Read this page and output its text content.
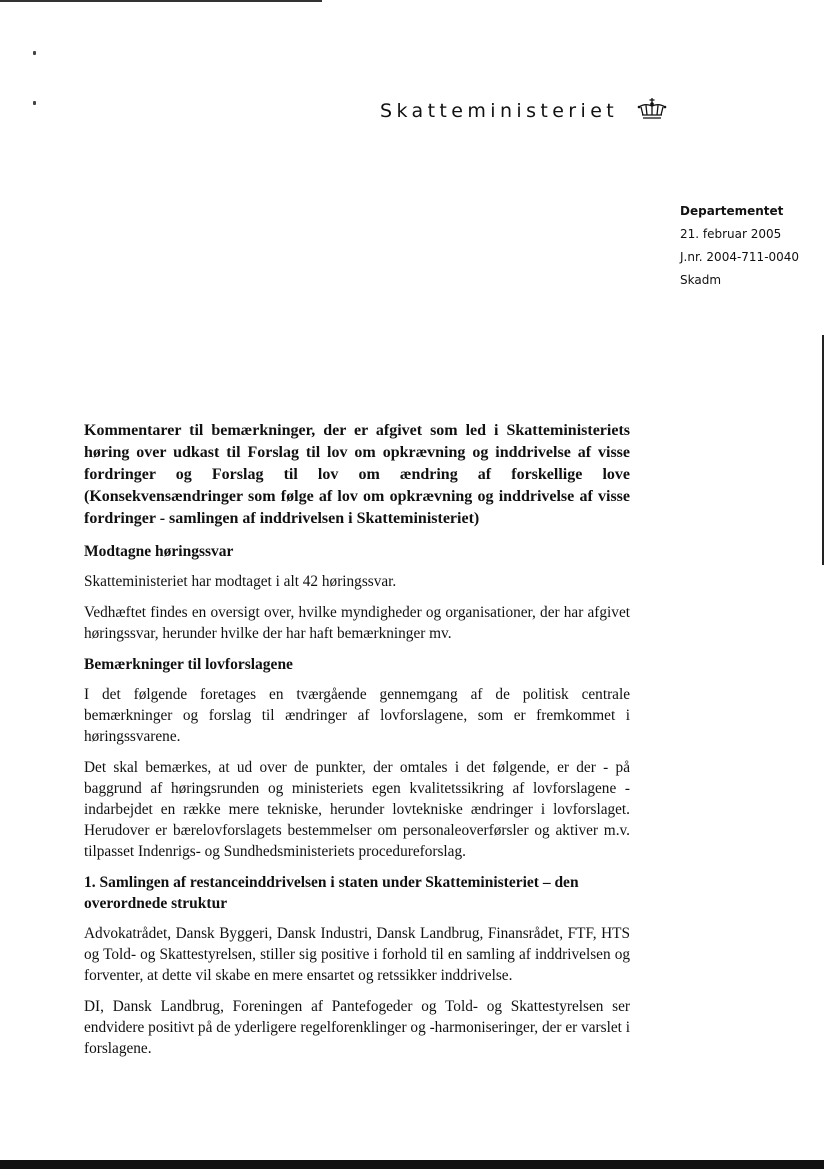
Skatteministeriet
Departementet
21. februar 2005
J.nr. 2004-711-0040
Skadm
Kommentarer til bemærkninger, der er afgivet som led i Skatteministeriets høring over udkast til Forslag til lov om opkrævning og inddrivelse af visse fordringer og Forslag til lov om ændring af forskellige love (Konsekvensændringer som følge af lov om opkrævning og inddrivelse af visse fordringer - samlingen af inddrivelsen i Skatteministeriet)
Modtagne høringssvar
Skatteministeriet har modtaget i alt 42 høringssvar.
Vedhæftet findes en oversigt over, hvilke myndigheder og organisationer, der har afgivet høringssvar, herunder hvilke der har haft bemærkninger mv.
Bemærkninger til lovforslagene
I det følgende foretages en tværgående gennemgang af de politisk centrale bemærkninger og forslag til ændringer af lovforslagene, som er fremkommet i høringssvarene.
Det skal bemærkes, at ud over de punkter, der omtales i det følgende, er der - på baggrund af høringsrunden og ministeriets egen kvalitetssikring af lovforslagene - indarbejdet en række mere tekniske, herunder lovtekniske ændringer i lovforslaget. Herudover er bærelovforslagets bestemmelser om personaleoverførsler og aktiver m.v. tilpasset Indenrigs- og Sundhedsministeriets procedureforslag.
1. Samlingen af restanceinddrivelsen i staten under Skatteministeriet – den overordnede struktur
Advokatrådet, Dansk Byggeri, Dansk Industri, Dansk Landbrug, Finansrådet, FTF, HTS og Told- og Skattestyrelsen, stiller sig positive i forhold til en samling af inddrivelsen og forventer, at dette vil skabe en mere ensartet og retssikker inddrivelse.
DI, Dansk Landbrug, Foreningen af Pantefogeder og Told- og Skattestyrelsen ser endvidere positivt på de yderligere regelforenklinger og -harmoniseringer, der er varslet i forslagene.
